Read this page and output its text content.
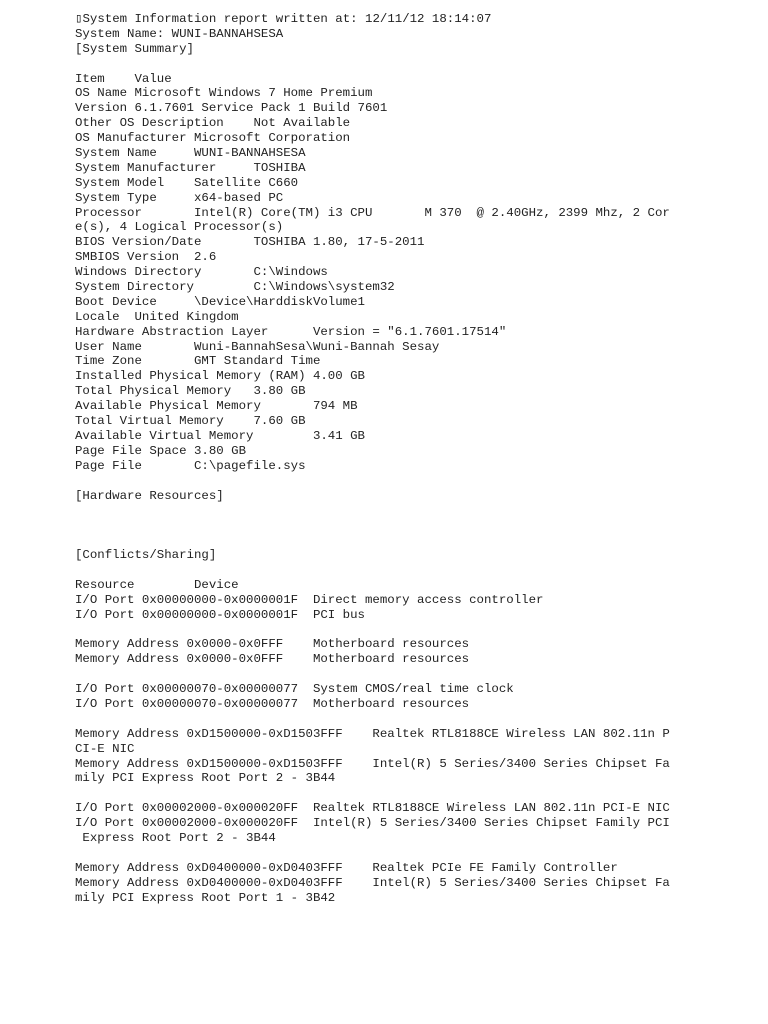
▯System Information report written at: 12/11/12 18:14:07
System Name: WUNI-BANNAHSESA
[System Summary]
Item    Value
OS Name Microsoft Windows 7 Home Premium
Version 6.1.7601 Service Pack 1 Build 7601
Other OS Description    Not Available
OS Manufacturer Microsoft Corporation
System Name     WUNI-BANNAHSESA
System Manufacturer     TOSHIBA
System Model    Satellite C660
System Type     x64-based PC
Processor       Intel(R) Core(TM) i3 CPU       M 370  @ 2.40GHz, 2399 Mhz, 2 Cor
e(s), 4 Logical Processor(s)
BIOS Version/Date       TOSHIBA 1.80, 17-5-2011
SMBIOS Version  2.6
Windows Directory       C:\Windows
System Directory        C:\Windows\system32
Boot Device     \Device\HarddiskVolume1
Locale  United Kingdom
Hardware Abstraction Layer      Version = "6.1.7601.17514"
User Name       Wuni-BannahSesa\Wuni-Bannah Sesay
Time Zone       GMT Standard Time
Installed Physical Memory (RAM) 4.00 GB
Total Physical Memory   3.80 GB
Available Physical Memory       794 MB
Total Virtual Memory    7.60 GB
Available Virtual Memory        3.41 GB
Page File Space 3.80 GB
Page File       C:\pagefile.sys
[Hardware Resources]
[Conflicts/Sharing]
Resource        Device
I/O Port 0x00000000-0x0000001F  Direct memory access controller
I/O Port 0x00000000-0x0000001F  PCI bus
Memory Address 0x0000-0x0FFF    Motherboard resources
Memory Address 0x0000-0x0FFF    Motherboard resources
I/O Port 0x00000070-0x00000077  System CMOS/real time clock
I/O Port 0x00000070-0x00000077  Motherboard resources
Memory Address 0xD1500000-0xD1503FFF    Realtek RTL8188CE Wireless LAN 802.11n P
CI-E NIC
Memory Address 0xD1500000-0xD1503FFF    Intel(R) 5 Series/3400 Series Chipset Fa
mily PCI Express Root Port 2 - 3B44
I/O Port 0x00002000-0x000020FF  Realtek RTL8188CE Wireless LAN 802.11n PCI-E NIC
I/O Port 0x00002000-0x000020FF  Intel(R) 5 Series/3400 Series Chipset Family PCI
Express Root Port 2 - 3B44
Memory Address 0xD0400000-0xD0403FFF    Realtek PCIe FE Family Controller
Memory Address 0xD0400000-0xD0403FFF    Intel(R) 5 Series/3400 Series Chipset Fa
mily PCI Express Root Port 1 - 3B42
